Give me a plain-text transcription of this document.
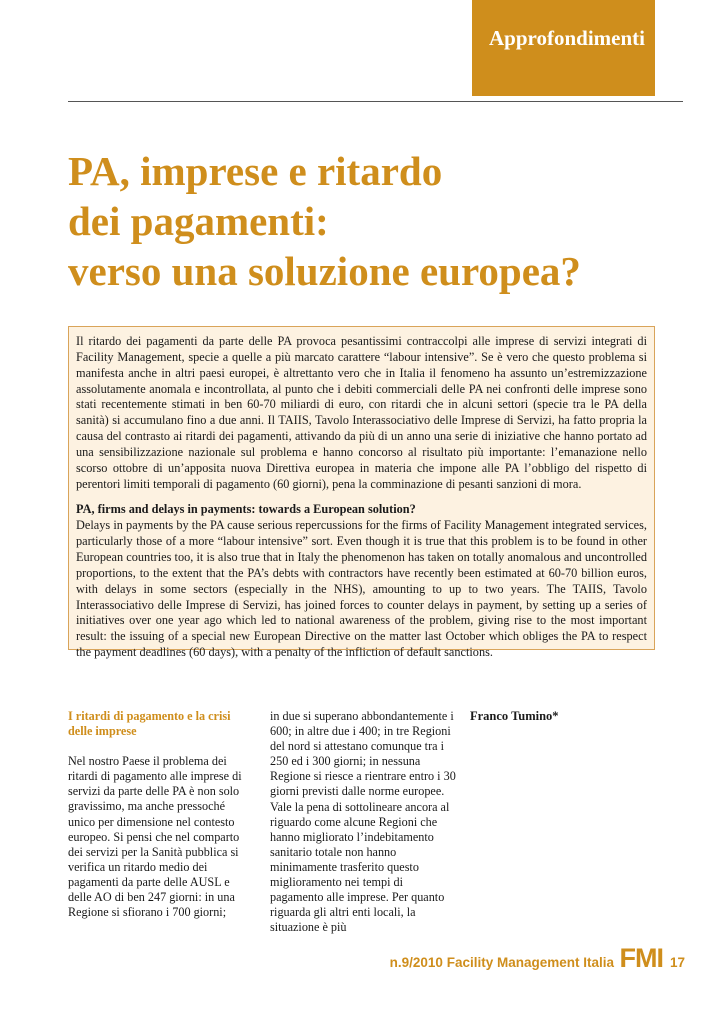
Approfondimenti
PA, imprese e ritardo
dei pagamenti:
verso una soluzione europea?

Il ritardo dei pagamenti da parte delle PA provoca pesantissimi contraccolpi alle imprese di servizi integrati di Facility Management, specie a quelle a più marcato carattere “labour intensive”. Se è vero che questo problema si manifesta anche in altri paesi europei, è altrettanto vero che in Italia il fenomeno ha assunto un’estremizzazione assolutamente anomala e incontrollata, al punto che i debiti commerciali delle PA nei confronti delle imprese sono stati recentemente stimati in ben 60-70 miliardi di euro, con ritardi che in alcuni settori (specie tra le PA della sanità) si accumulano fino a due anni. Il TAIIS, Tavolo Interassociativo delle Imprese di Servizi, ha fatto propria la causa del contrasto ai ritardi dei pagamenti, attivando da più di un anno una serie di iniziative che hanno portato ad una sensibilizzazione nazionale sul problema e hanno concorso al risultato più importante: l’emanazione nello scorso ottobre di un’apposita nuova Direttiva europea in materia che impone alle PA l’obbligo del rispetto di perentori limiti temporali di pagamento (60 giorni), pena la comminazione di pesanti sanzioni di mora.

PA, firms and delays in payments: towards a European solution?

Delays in payments by the PA cause serious repercussions for the firms of Facility Management integrated services, particularly those of a more “labour intensive” sort. Even though it is true that this problem is to be found in other European countries too, it is also true that in Italy the phenomenon has taken on totally anomalous and uncontrolled proportions, to the extent that the PA’s debts with contractors have recently been estimated at 60-70 billion euros, with delays in some sectors (especially in the NHS), amounting to up to two years. The TAIIS, Tavolo Interassociativo delle Imprese di Servizi, has joined forces to counter delays in payment, by setting up a series of initiatives over one year ago which led to national awareness of the problem, giving rise to the most important result: the issuing of a special new European Directive on the matter last October which obliges the PA to respect the payment deadlines (60 days), with a penalty of the infliction of default sanctions.

I ritardi di pagamento e la crisi delle imprese

Nel nostro Paese il problema dei ritardi di pagamento alle imprese di servizi da parte delle PA è non solo gravissimo, ma anche pressoché unico per dimensione nel contesto europeo. Si pensi che nel comparto dei servizi per la Sanità pubblica si verifica un ritardo medio dei pagamenti da parte delle AUSL e delle AO di ben 247 giorni: in una Regione si sfiorano i 700 giorni;

in due si superano abbondantemente i 600; in altre due i 400; in tre Regioni del nord si attestano comunque tra i 250 ed i 300 giorni; in nessuna Regione si riesce a rientrare entro i 30 giorni previsti dalle norme europee. Vale la pena di sottolineare ancora al riguardo come alcune Regioni che hanno migliorato l’indebitamento sanitario totale non hanno minimamente trasferito questo miglioramento nei tempi di pagamento alle imprese. Per quanto riguarda gli altri enti locali, la situazione è più

Franco Tumino*

n.9/2010 Facility Management Italia FMI 17
